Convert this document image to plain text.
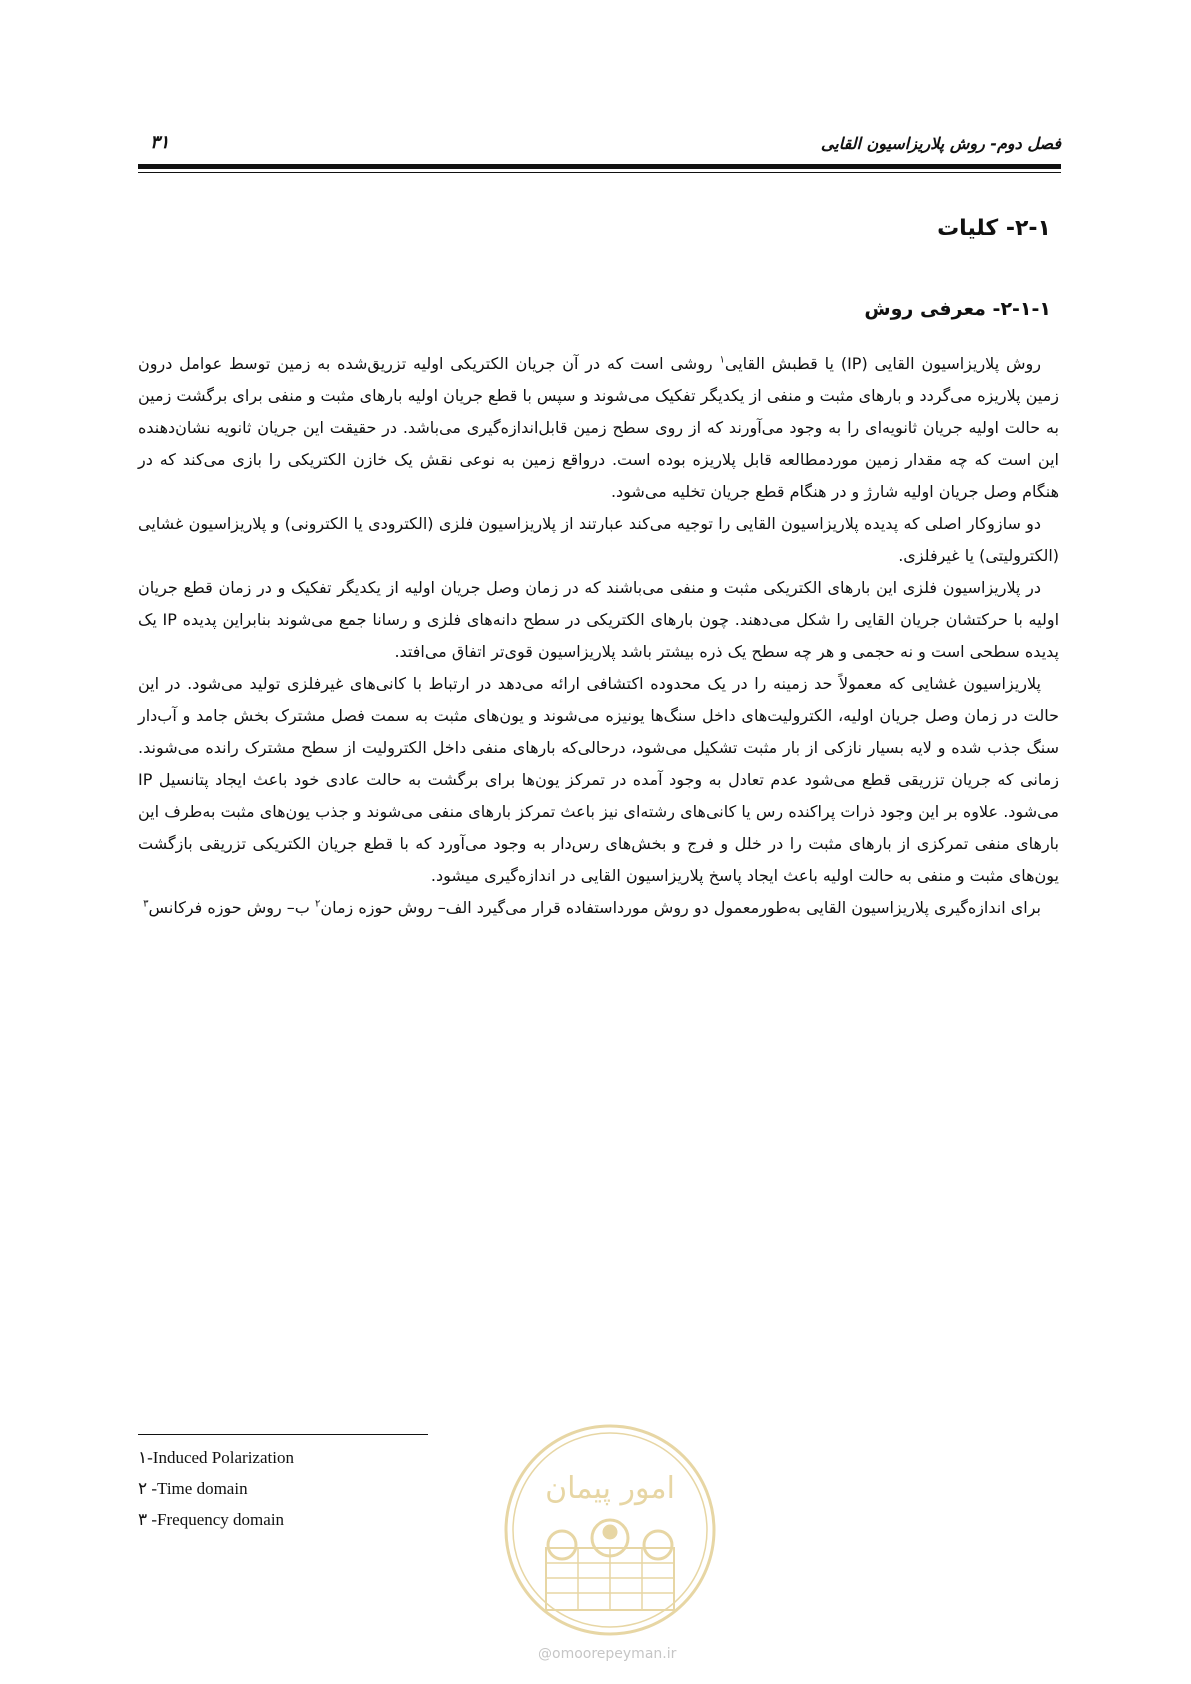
فصل دوم- روش پلاریزاسیون القایی
۳۱
۲-۱- کلیات
۲-۱-۱- معرفی روش

روش پلاریزاسیون القایی (IP) یا قطبش القایی$^۱$ روشی است که در آن جریان الکتریکی اولیه تزریق‌شده به زمین توسط عوامل درون زمین پلاریزه می‌گردد و بارهای مثبت و منفی از یکدیگر تفکیک می‌شوند و سپس با قطع جریان اولیه بارهای مثبت و منفی برای برگشت زمین به حالت اولیه جریان ثانویه‌ای را به وجود می‌آورند که از روی سطح زمین قابل‌اندازه‌گیری می‌باشد. در حقیقت این جریان ثانویه نشان‌دهنده این است که چه مقدار زمین موردمطالعه قابل پلاریزه بوده است. درواقع زمین به نوعی نقش یک خازن الکتریکی را بازی می‌کند که در هنگام وصل جریان اولیه شارژ و در هنگام قطع جریان تخلیه می‌شود.

دو سازوکار اصلی که پدیده پلاریزاسیون القایی را توجیه می‌کند عبارتند از پلاریزاسیون فلزی (الکترودی یا الکترونی) و پلاریزاسیون غشایی (الکترولیتی) یا غیرفلزی.

در پلاریزاسیون فلزی این بارهای الکتریکی مثبت و منفی می‌باشند که در زمان وصل جریان اولیه از یکدیگر تفکیک و در زمان قطع جریان اولیه با حرکتشان جریان القایی را شکل می‌دهند. چون بارهای الکتریکی در سطح دانه‌های فلزی و رسانا جمع می‌شوند بنابراین پدیده IP یک پدیده سطحی است و نه حجمی و هر چه سطح یک ذره بیشتر باشد پلاریزاسیون قوی‌تر اتفاق می‌افتد.

پلاریزاسیون غشایی که معمولاً حد زمینه را در یک محدوده اکتشافی ارائه می‌دهد در ارتباط با کانی‌های غیرفلزی تولید می‌شود. در این حالت در زمان وصل جریان اولیه، الکترولیت‌های داخل سنگ‌ها یونیزه می‌شوند و یون‌های مثبت به سمت فصل مشترک بخش جامد و آب‌دار سنگ جذب شده و لایه بسیار نازکی از بار مثبت تشکیل می‌شود، درحالی‌که بارهای منفی داخل الکترولیت از سطح مشترک رانده می‌شوند. زمانی که جریان تزریقی قطع می‌شود عدم تعادل به وجود آمده در تمرکز یون‌ها برای برگشت به حالت عادی خود باعث ایجاد پتانسیل IP می‌شود. علاوه بر این وجود ذرات پراکنده رس یا کانی‌های رشته‌ای نیز باعث تمرکز بارهای منفی می‌شوند و جذب یون‌های مثبت به‌طرف این بارهای منفی تمرکزی از بارهای مثبت را در خلل و فرج و بخش‌های رس‌دار به وجود می‌آورد که با قطع جریان الکتریکی تزریقی بازگشت یون‌های مثبت و منفی به حالت اولیه باعث ایجاد پاسخ پلاریزاسیون القایی در اندازه‌گیری میشود.

برای اندازه‌گیری پلاریزاسیون القایی به‌طورمعمول دو روش مورداستفاده قرار می‌گیرد الف– روش حوزه زمان$^۲$ ب– روش حوزه فرکانس$^۳$

۱-Induced Polarization
۲ -Time domain
۳ -Frequency domain
امور پیمان
@omoorepeyman.ir
